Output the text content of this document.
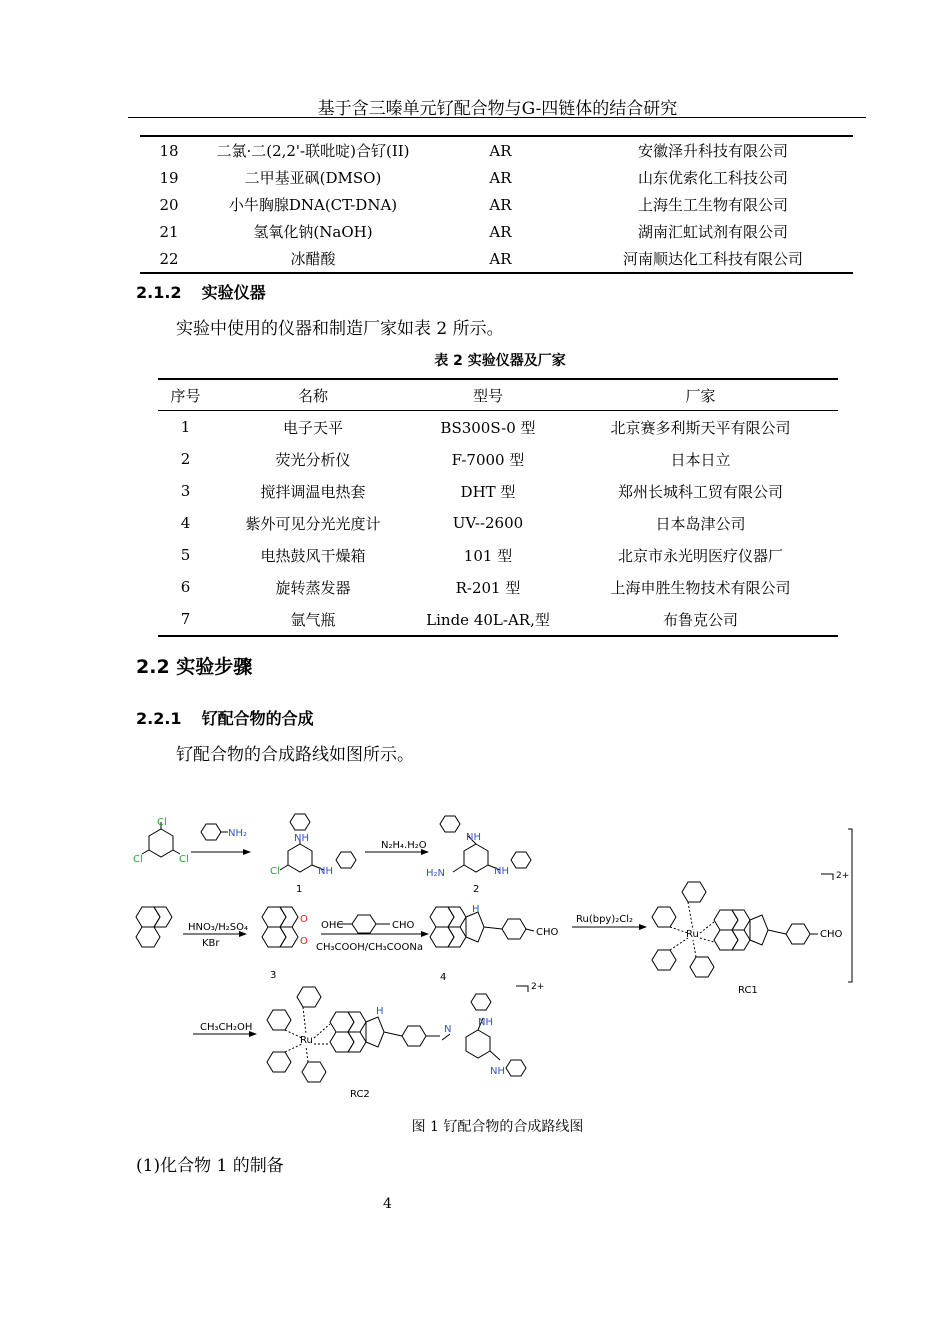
基于含三嗪单元钌配合物与G-四链体的结合研究
18	二氯·二(2,2'-联吡啶)合钌(II)	AR	安徽泽升科技有限公司
19	二甲基亚砜(DMSO)	AR	山东优索化工科技公司
20	小牛胸腺DNA(CT-DNA)	AR	上海生工生物有限公司
21	氢氧化钠(NaOH)	AR	湖南汇虹试剂有限公司
22	冰醋酸	AR	河南顺达化工科技有限公司
2.1.2 实验仪器
实验中使用的仪器和制造厂家如表 2 所示。
表 2 实验仪器及厂家
序号	名称	型号	厂家
1	电子天平	BS300S-0 型	北京赛多利斯天平有限公司
2	荧光分析仪	F-7000 型	日本日立
3	搅拌调温电热套	DHT 型	郑州长城科工贸有限公司
4	紫外可见分光光度计	UV--2600	日本岛津公司
5	电热鼓风干燥箱	101 型	北京市永光明医疗仪器厂
6	旋转蒸发器	R-201 型	上海申胜生物技术有限公司
7	氩气瓶	Linde 40L-AR,型	布鲁克公司
2.2 实验步骤
2.2.1 钌配合物的合成
钌配合物的合成路线如图所示。
Cl
Cl	Cl
NH₂	NH
NH
Cl
1
N₂H₄.H₂O
NH
NH
H₂N
2
HNO₃/H₂SO₄
KBr
O
O
3
OHC	CHO
CH₃COOH/CH₃COONa
H
CHO
4
Ru(bpy)₂Cl₂
Ru	CHO
RC1
2+
CH₃CH₂OH
Ru
H
N
NH
NH
RC2
2+
图 1 钌配合物的合成路线图
(1)化合物 1 的制备
4
